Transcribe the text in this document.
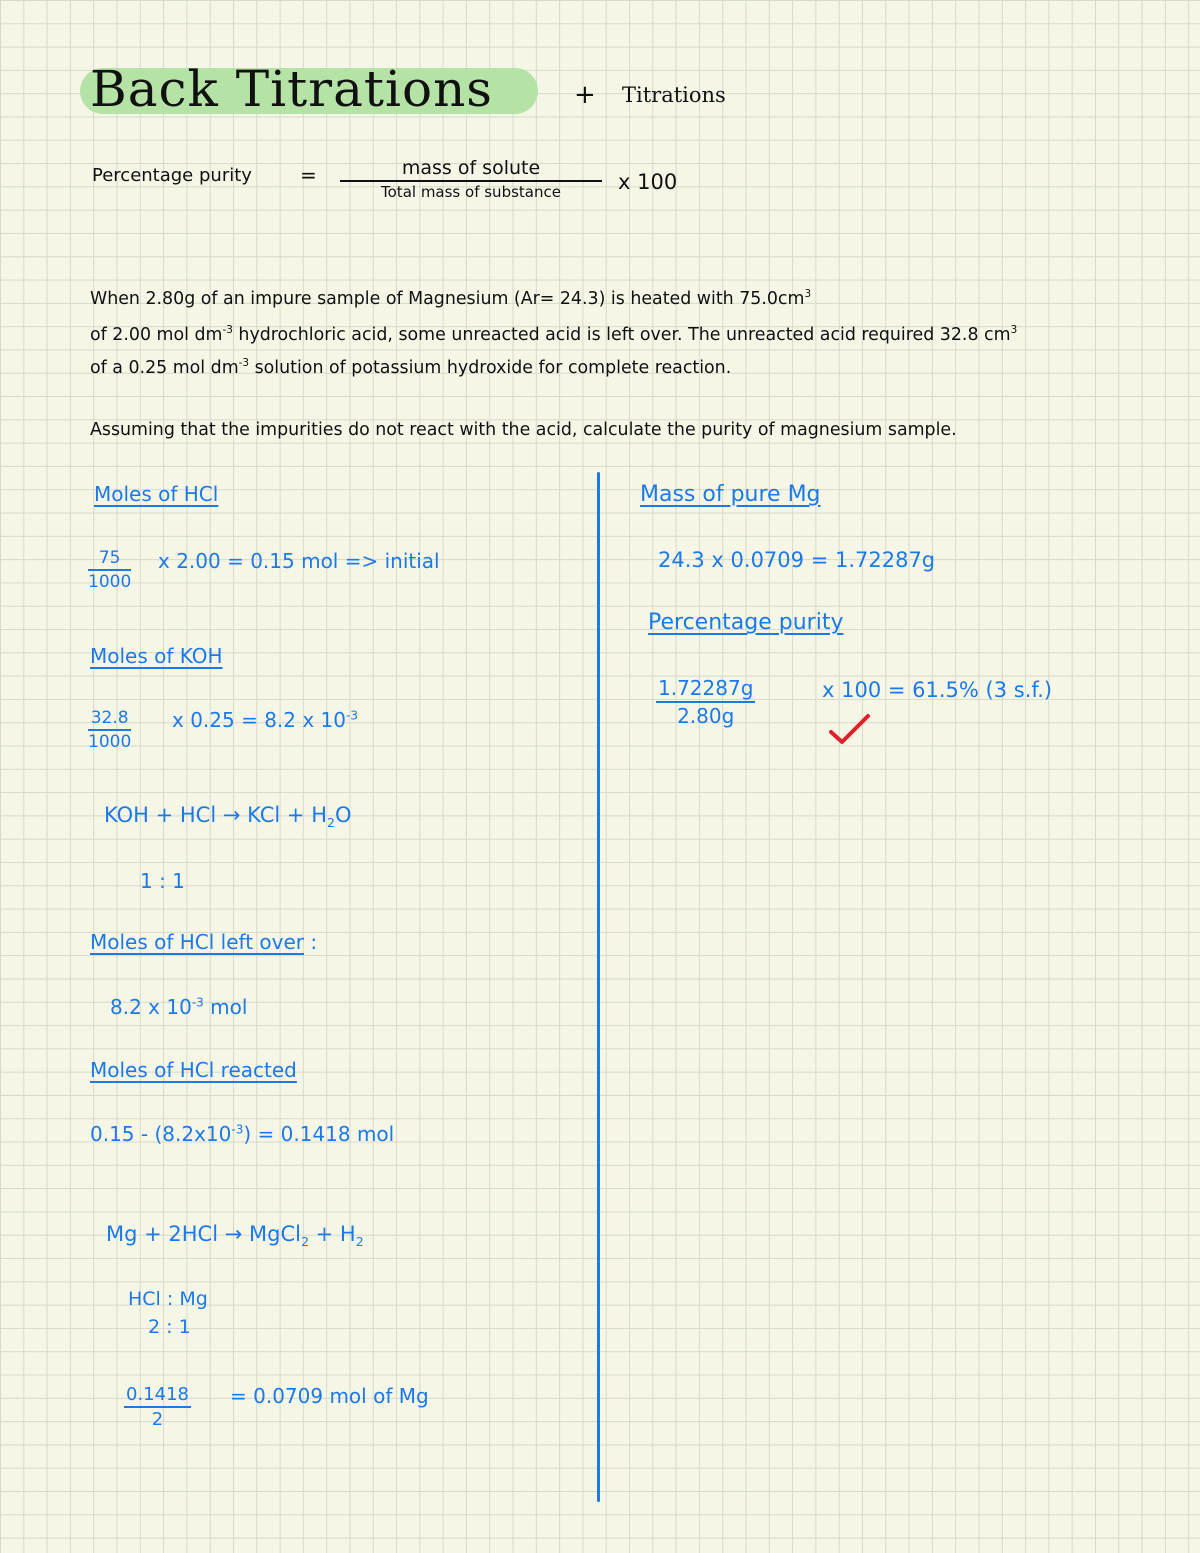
Back Titrations	+ Titrations
Percentage purity =	mass of solute
Total mass of substance	x 100
When 2.80g of an impure sample of Magnesium (Ar= 24.3) is heated with $75.0cm^3$
of 2.00 mol $dm^{-3}$ hydrochloric acid, some unreacted acid is left over. The unreacted acid required 32.8 $cm^3$
of a 0.25 mol $dm^{-3}$ solution of potassium hydroxide for complete reaction.
Assuming that the impurities do not react with the acid, calculate the purity of magnesium sample.
Moles of HCl
$\frac{75}{1000}$ x 2.00 = 0.15 mol => initial
Moles of KOH
$\frac{32.8}{1000}$ x 0.25 = 8.2 x $10^{-3}$
KOH + HCl → KCl + $H_2O$
1 : 1
Moles of HCl left over :
8.2 x $10^{-3}$ mol
Moles of HCl reacted
$0.15 - (8.2x10^{-3}) = 0.1418$ mol
Mg + 2HCl → MgCl$_2$ + $H_2$
HCl : Mg
2 : 1
$\frac{0.1418}{2} = 0.0709$ mol of Mg
Mass of pure Mg
24.3 x 0.0709 = 1.72287g
Percentage purity
$\frac{1.72287g}{2.80g}$	x 100 = 61.5% (3 s.f.)
